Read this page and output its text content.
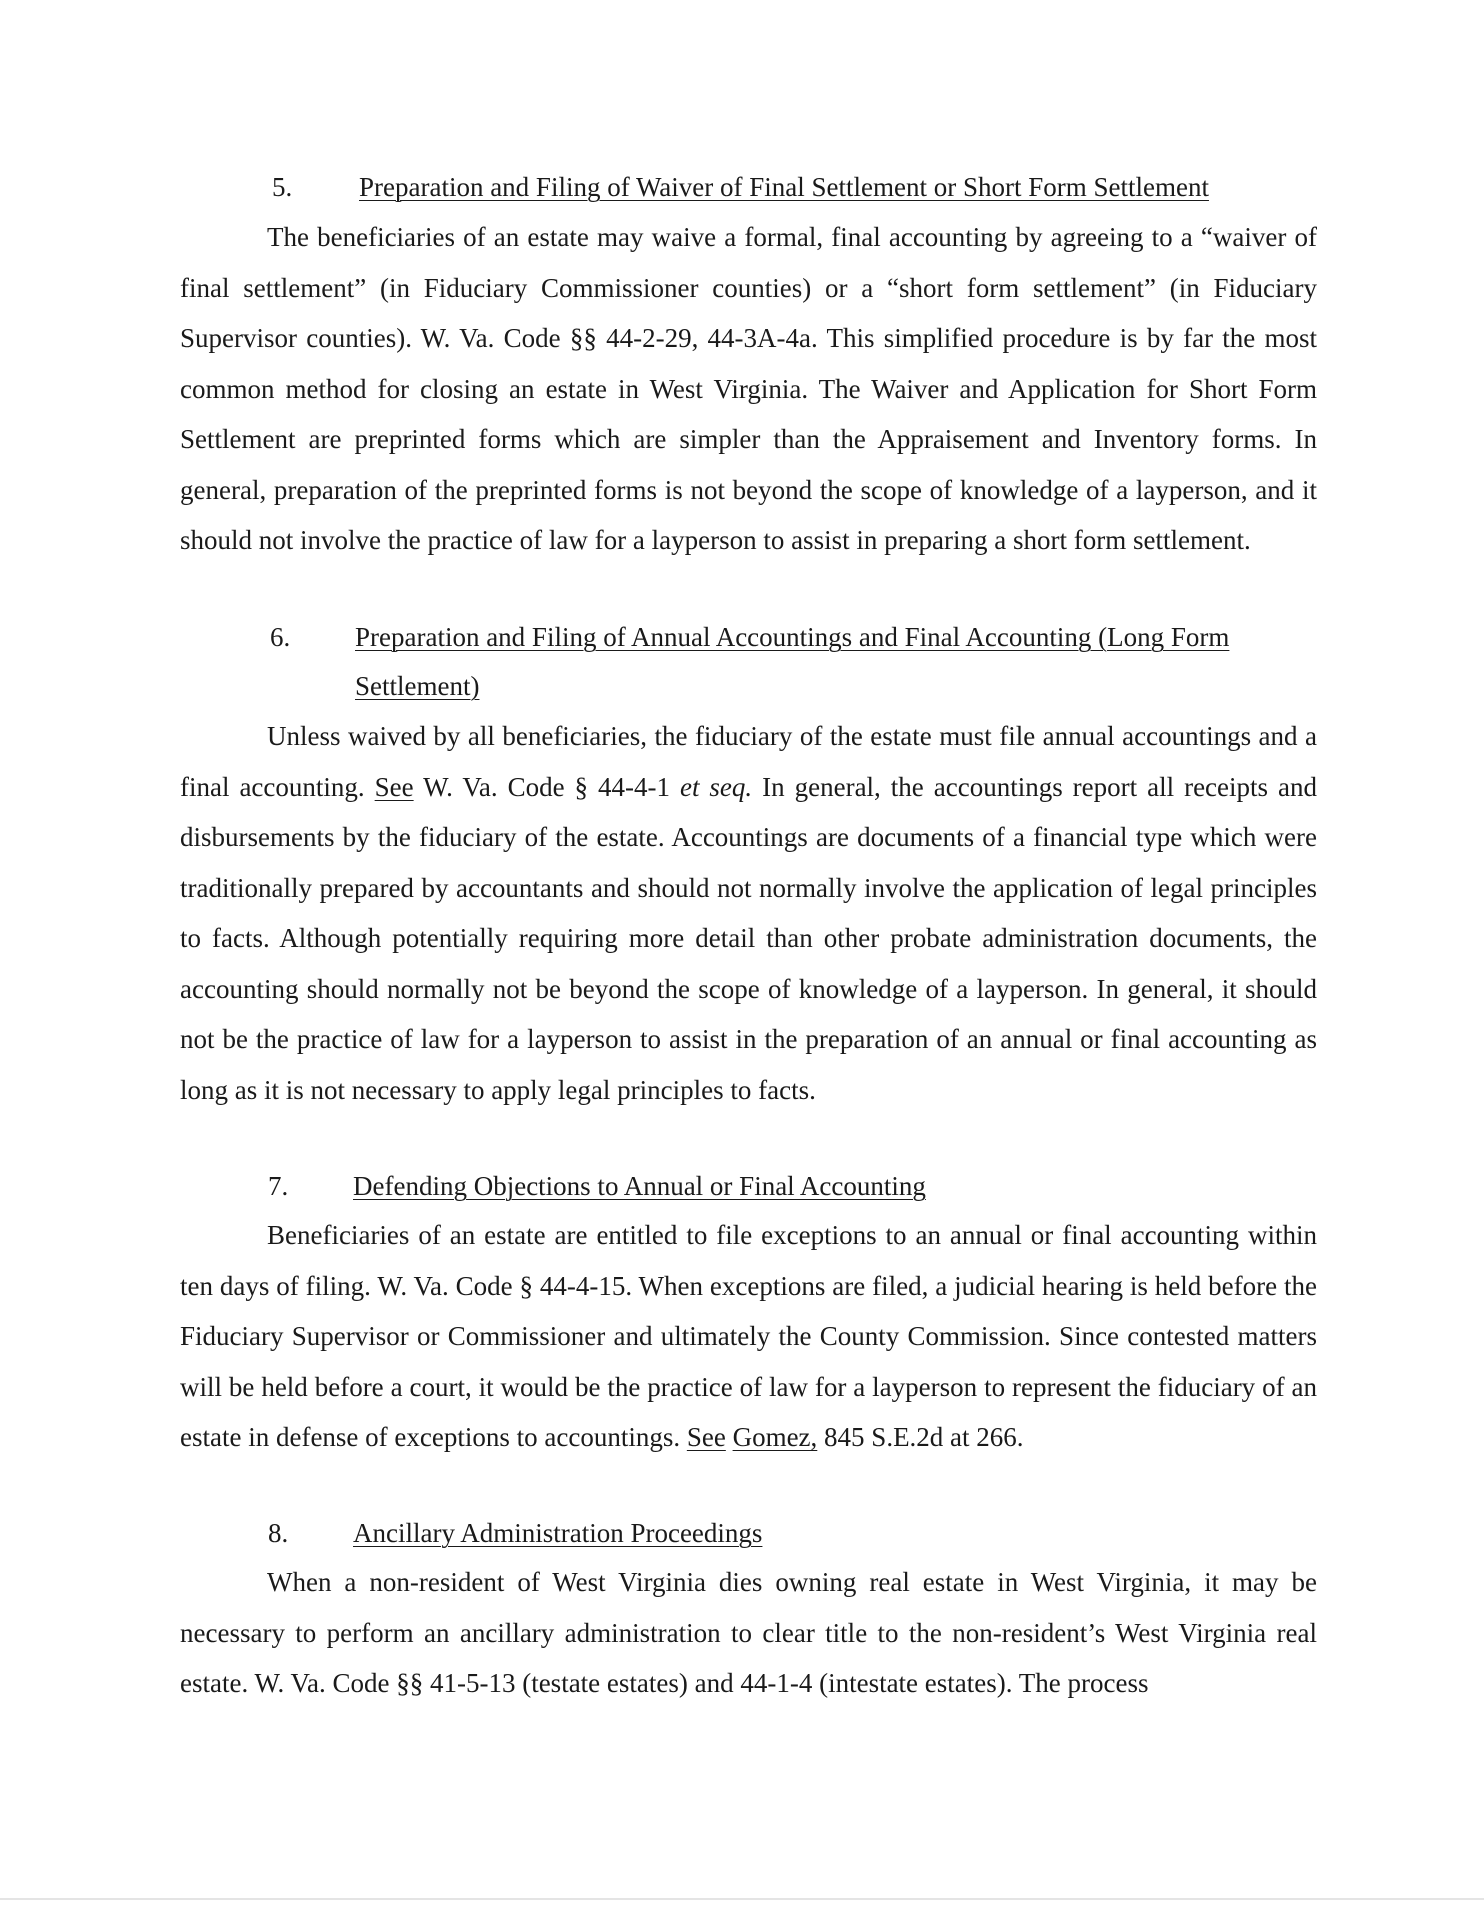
5. Preparation and Filing of Waiver of Final Settlement or Short Form Settlement

The beneficiaries of an estate may waive a formal, final accounting by agreeing to a “waiver of final settlement” (in Fiduciary Commissioner counties) or a “short form settlement” (in Fiduciary Supervisor counties). W. Va. Code §§ 44-2-29, 44-3A-4a. This simplified procedure is by far the most common method for closing an estate in West Virginia. The Waiver and Application for Short Form Settlement are preprinted forms which are simpler than the Appraisement and Inventory forms. In general, preparation of the preprinted forms is not beyond the scope of knowledge of a layperson, and it should not involve the practice of law for a layperson to assist in preparing a short form settlement.

6. Preparation and Filing of Annual Accountings and Final Accounting (Long Form
Settlement)

Unless waived by all beneficiaries, the fiduciary of the estate must file annual accountings and a final accounting. See W. Va. Code § 44-4-1 et seq. In general, the accountings report all receipts and disbursements by the fiduciary of the estate. Accountings are documents of a financial type which were traditionally prepared by accountants and should not normally involve the application of legal principles to facts. Although potentially requiring more detail than other probate administration documents, the accounting should normally not be beyond the scope of knowledge of a layperson. In general, it should not be the practice of law for a layperson to assist in the preparation of an annual or final accounting as long as it is not necessary to apply legal principles to facts.

7. Defending Objections to Annual or Final Accounting

Beneficiaries of an estate are entitled to file exceptions to an annual or final accounting within ten days of filing. W. Va. Code § 44-4-15. When exceptions are filed, a judicial hearing is held before the Fiduciary Supervisor or Commissioner and ultimately the County Commission. Since contested matters will be held before a court, it would be the practice of law for a layperson to represent the fiduciary of an estate in defense of exceptions to accountings. See Gomez, 845 S.E.2d at 266.

8. Ancillary Administration Proceedings

When a non-resident of West Virginia dies owning real estate in West Virginia, it may be necessary to perform an ancillary administration to clear title to the non-resident’s West Virginia real estate. W. Va. Code §§ 41-5-13 (testate estates) and 44-1-4 (intestate estates). The process
